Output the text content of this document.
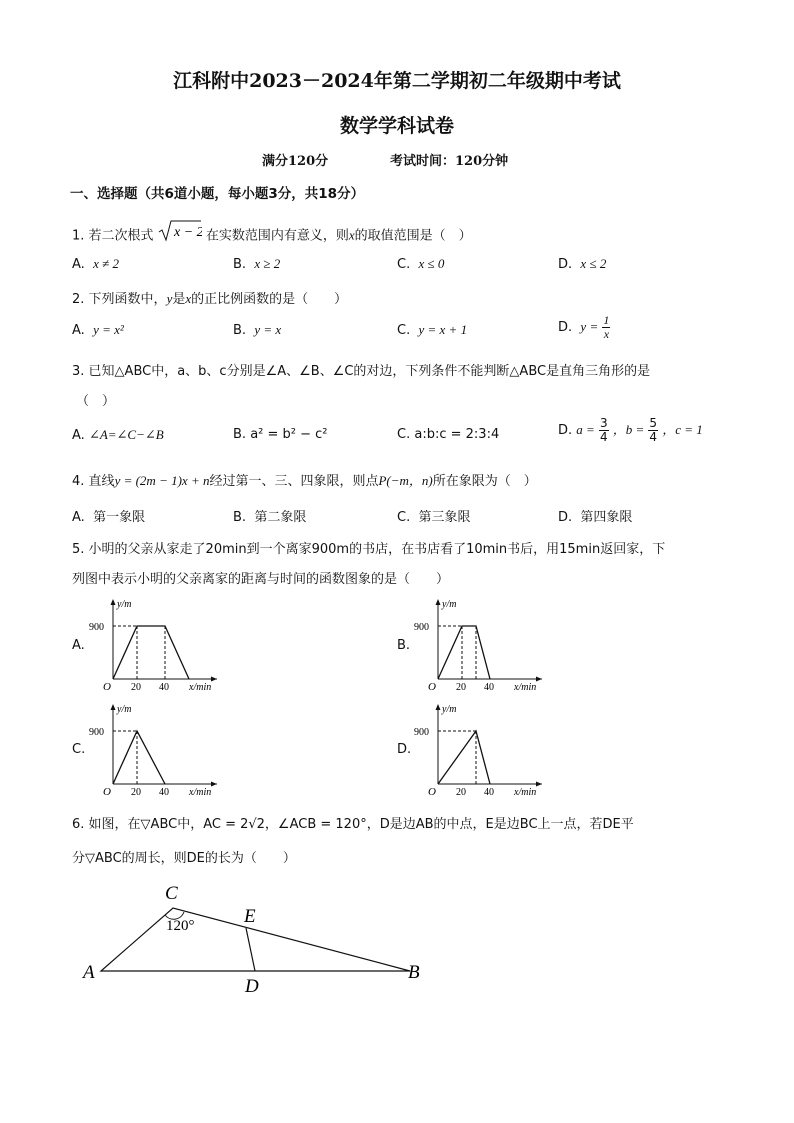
江科附中2023－2024年第二学期初二年级期中考试
数学学科试卷
满分120分	考试时间：120分钟
一、选择题（共6道小题，每小题3分，共18分）
1. 若二次根式 x − 2 在实数范围内有意义，则x的取值范围是（　）
A. x ≠ 2	B. x ≥ 2	C. x ≤ 0	D. x ≤ 2
2. 下列函数中，y是x的正比例函数的是（　　）
A. y = x²	B. y = x	C. y = x + 1	D. $y = \frac{1}{x}$
3. 已知△ABC中，a、b、c分别是∠A、∠B、∠C的对边，下列条件不能判断△ABC是直角三角形的是
（　）
A. ∠A=∠C−∠B	B. a² = b² − c²	C. a:b:c = 2:3:4	D. $a = \frac{3}{4}$ ，$b = \frac{5}{4}$ ，c = 1
4. 直线y = (2m − 1)x + n经过第一、三、四象限，则点P(−m，n)所在象限为（　）
A. 第一象限	B. 第二象限	C. 第三象限	D. 第四象限
5. 小明的父亲从家走了20min到一个离家900m的书店，在书店看了10min书后，用15min返回家，下
列图中表示小明的父亲离家的距离与时间的函数图象的是（　　）
A.	B.
C.	D.
y/m
900
O 20 40 x/min
y/m
900
O 20 40 x/min
y/m
900
O 20 40 x/min
y/m
900
O 20 40 x/min
6. 如图，在▽ABC中，AC = 2√2，∠ACB = 120°，D是边AB的中点，E是边BC上一点，若DE平
分▽ABC的周长，则DE的长为（　　）
C
120°	E
A	B
D
